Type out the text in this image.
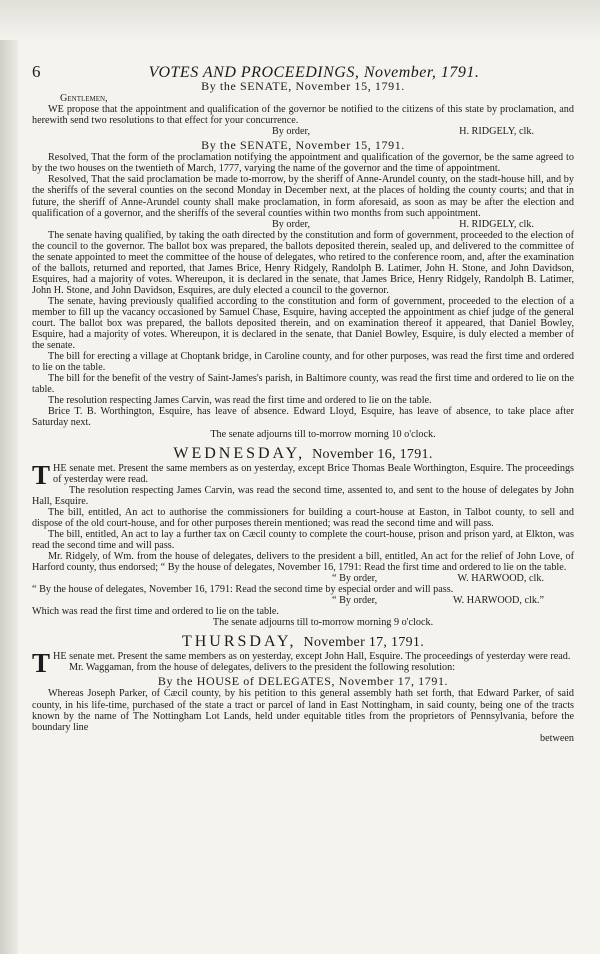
6	VOTES AND PROCEEDINGS, November, 1791.
By the SENATE, November 15, 1791.

Gentlemen,

WE propose that the appointment and qualification of the governor be notified to the citizens of this state by proclamation, and herewith send two resolutions to that effect for your concurrence.

By order,	H. RIDGELY, clk.

By the SENATE, November 15, 1791.

Resolved, That the form of the proclamation notifying the appointment and qualification of the governor, be the same agreed to by the two houses on the twentieth of March, 1777, varying the name of the governor and the time of appointment.

Resolved, That the said proclamation be made to-morrow, by the sheriff of Anne-Arundel county, on the stadt-house hill, and by the sheriffs of the several counties on the second Monday in December next, at the places of holding the county courts; and that in future, the sheriff of Anne-Arundel county shall make proclamation, in form aforesaid, as soon as may be after the election and qualification of a governor, and the sheriffs of the several counties within two months from such appointment.

By order,	H. RIDGELY, clk.

The senate having qualified, by taking the oath directed by the constitution and form of government, proceeded to the election of the council to the governor. The ballot box was prepared, the ballots deposited therein, sealed up, and delivered to the committee of the senate appointed to meet the committee of the house of delegates, who retired to the conference room, and, after the examination of the ballots, returned and reported, that James Brice, Henry Ridgely, Randolph B. Latimer, John H. Stone, and John Davidson, Esquires, had a majority of votes. Whereupon, it is declared in the senate, that James Brice, Henry Ridgely, Randolph B. Latimer, John H. Stone, and John Davidson, Esquires, are duly elected a council to the governor.

The senate, having previously qualified according to the constitution and form of government, proceeded to the election of a member to fill up the vacancy occasioned by Samuel Chase, Esquire, having accepted the appointment as chief judge of the general court. The ballot box was prepared, the ballots deposited therein, and on examination thereof it appeared, that Daniel Bowley, Esquire, had a majority of votes. Whereupon, it is declared in the senate, that Daniel Bowley, Esquire, is duly elected a member of the senate.

The bill for erecting a village at Choptank bridge, in Caroline county, and for other purposes, was read the first time and ordered to lie on the table.

The bill for the benefit of the vestry of Saint-James's parish, in Baltimore county, was read the first time and ordered to lie on the table.

The resolution respecting James Carvin, was read the first time and ordered to lie on the table.

Brice T. B. Worthington, Esquire, has leave of absence. Edward Lloyd, Esquire, has leave of absence, to take place after Saturday next.

The senate adjourns till to-morrow morning 10 o'clock.

WEDNESDAY, November 16, 1791.

THE senate met. Present the same members as on yesterday, except Brice Thomas Beale Worthington, Esquire. The proceedings of yesterday were read.

The resolution respecting James Carvin, was read the second time, assented to, and sent to the house of delegates by John Hall, Esquire.

The bill, entitled, An act to authorise the commissioners for building a court-house at Easton, in Talbot county, to sell and dispose of the old court-house, and for other purposes therein mentioned; was read the second time and will pass.

The bill, entitled, An act to lay a further tax on Cæcil county to complete the court-house, prison and prison yard, at Elkton, was read the second time and will pass.

Mr. Ridgely, of Wm. from the house of delegates, delivers to the president a bill, entitled, An act for the relief of John Love, of Harford county, thus endorsed; “ By the house of delegates, November 16, 1791: Read the first time and ordered to lie on the table.

“ By order,	W. HARWOOD, clk.

“ By the house of delegates, November 16, 1791: Read the second time by especial order and will pass.

“ By order,	W. HARWOOD, clk.”

Which was read the first time and ordered to lie on the table.

The senate adjourns till to-morrow morning 9 o'clock.

THURSDAY, November 17, 1791.

THE senate met. Present the same members as on yesterday, except John Hall, Esquire. The proceedings of yesterday were read.

Mr. Waggaman, from the house of delegates, delivers to the president the following resolution:

By the HOUSE of DELEGATES, November 17, 1791.

Whereas Joseph Parker, of Cæcil county, by his petition to this general assembly hath set forth, that Edward Parker, of said county, in his life-time, purchased of the state a tract or parcel of land in East Nottingham, in said county, being one of the tracts known by the name of The Nottingham Lot Lands, held under equitable titles from the proprietors of Pennsylvania, before the boundary line

between
